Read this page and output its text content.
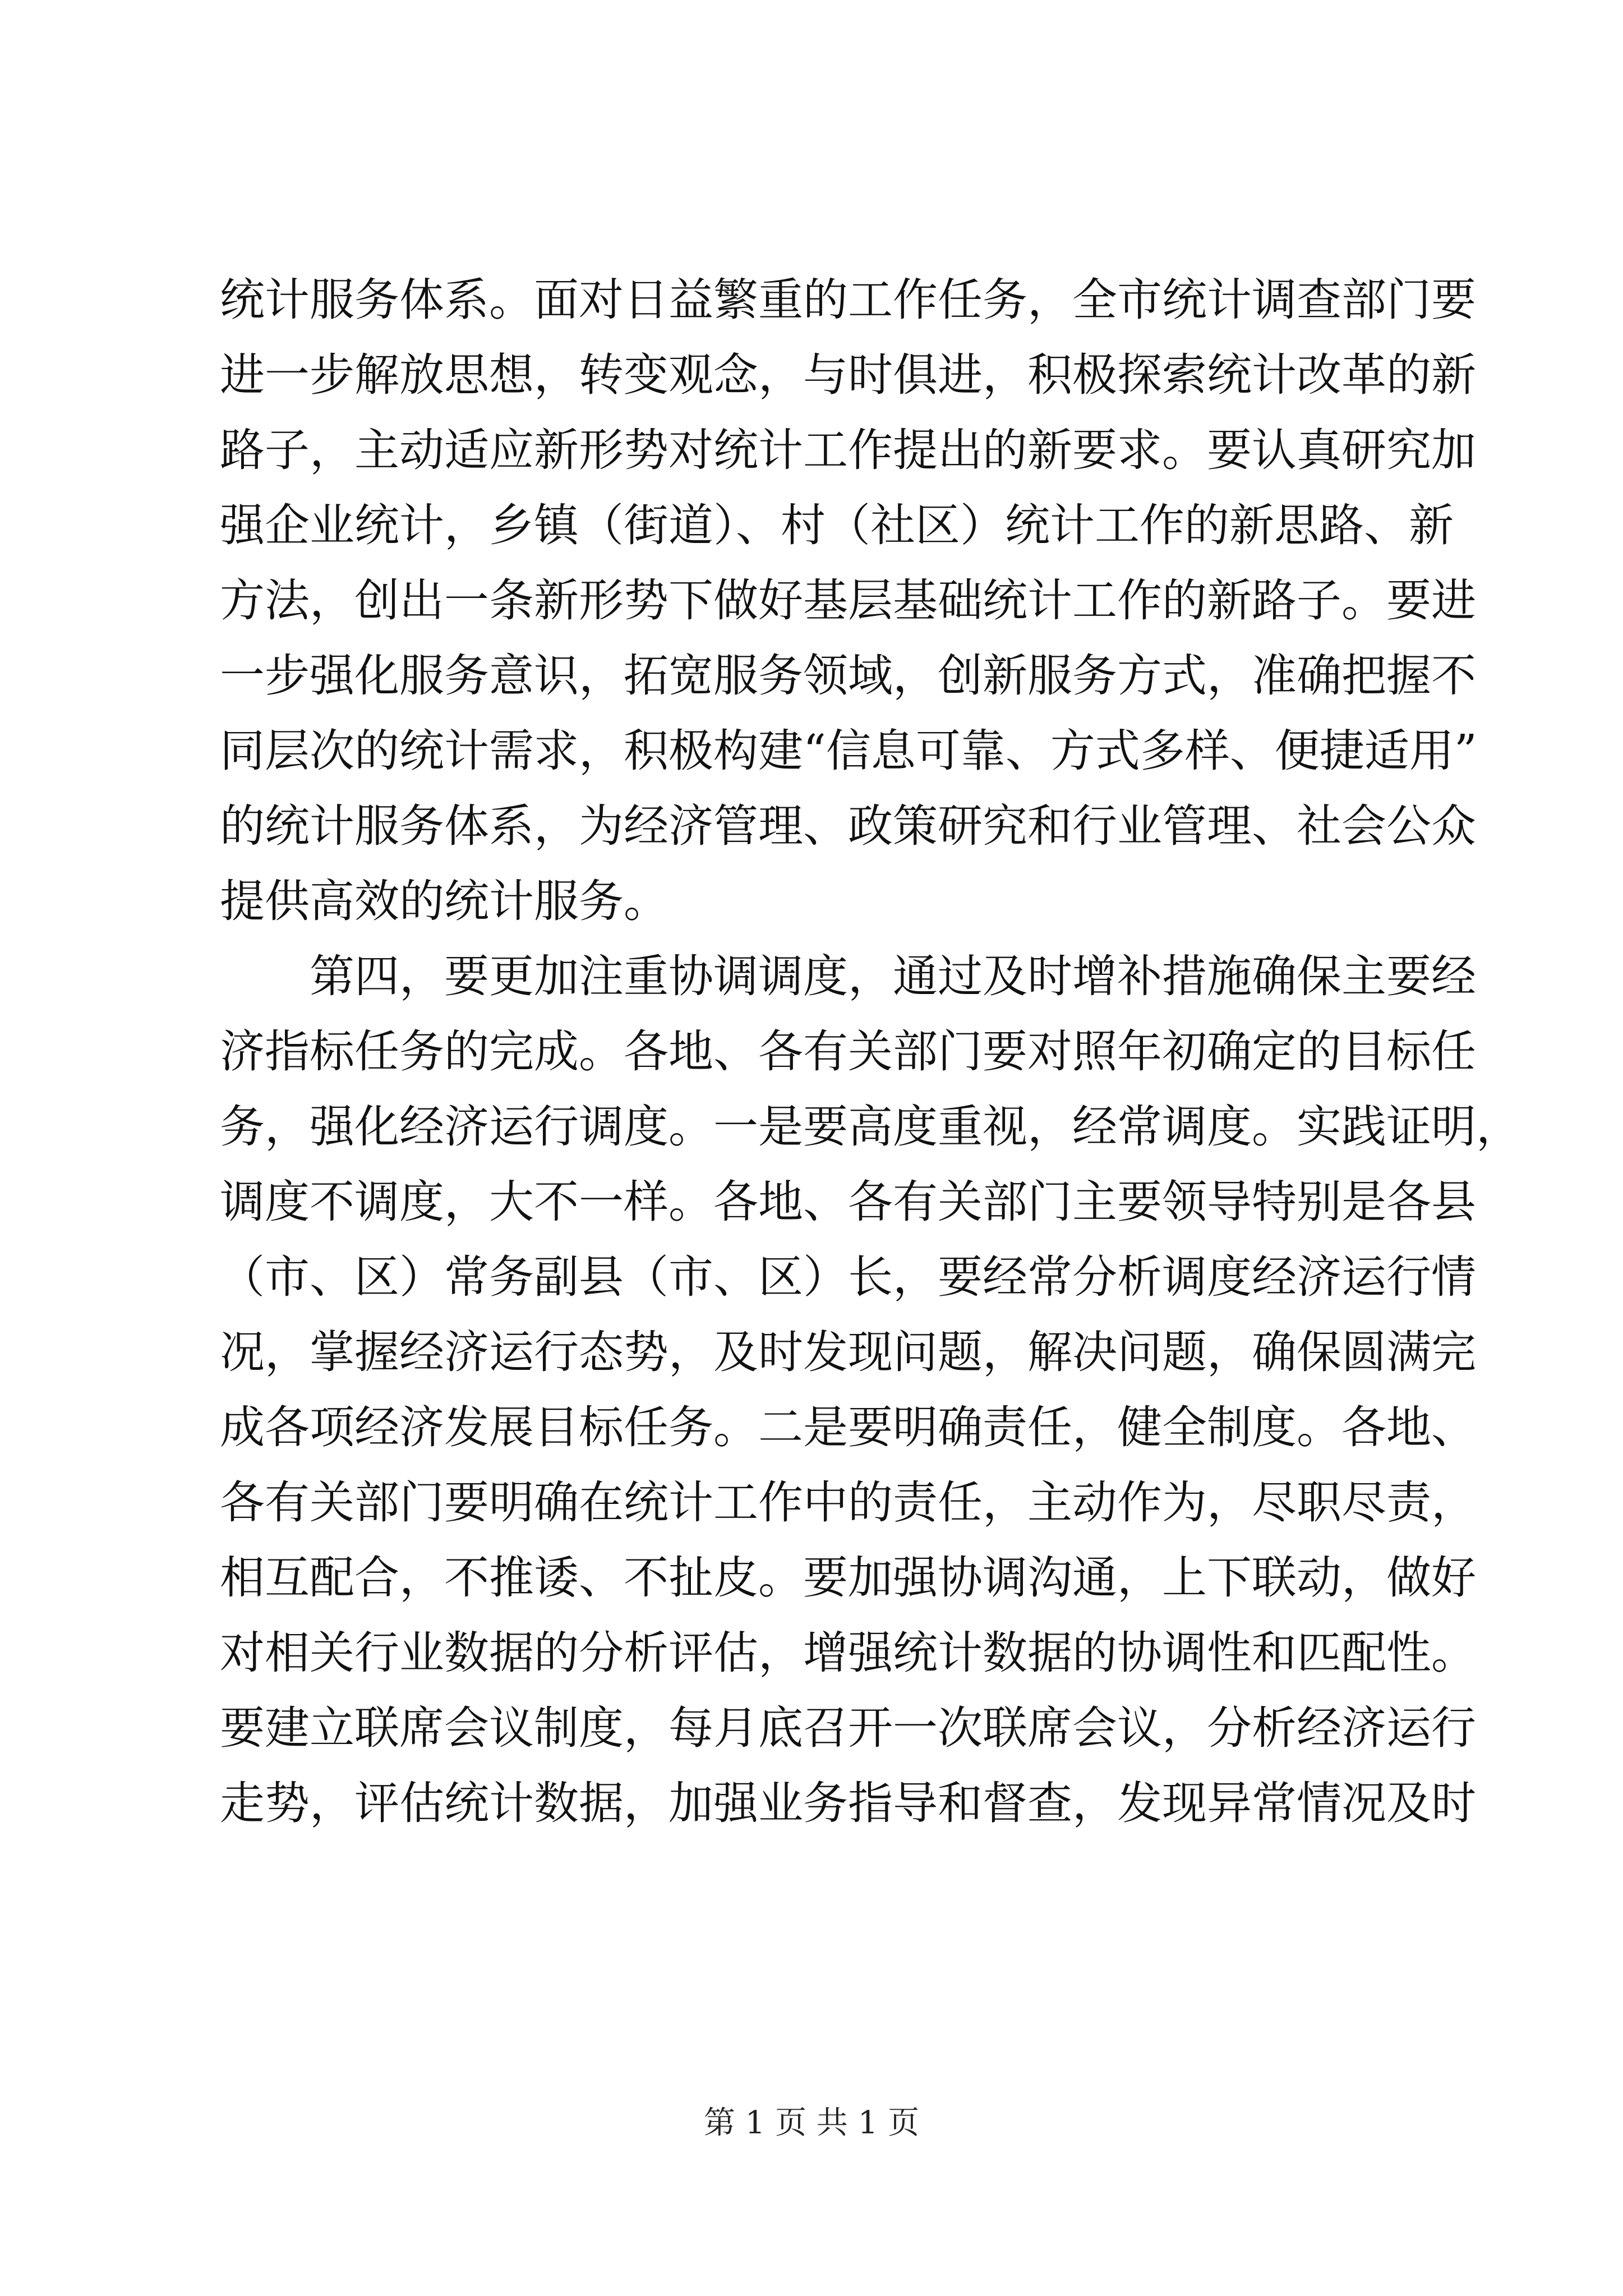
统计服务体系。面对日益繁重的工作任务，全市统计调查部门要
进一步解放思想，转变观念，与时俱进，积极探索统计改革的新
路子，主动适应新形势对统计工作提出的新要求。要认真研究加
强企业统计，乡镇（街道）、村（社区）统计工作的新思路、新
方法，创出一条新形势下做好基层基础统计工作的新路子。要进
一步强化服务意识，拓宽服务领域，创新服务方式，准确把握不
同层次的统计需求，积极构建“信息可靠、方式多样、便捷适用”
的统计服务体系，为经济管理、政策研究和行业管理、社会公众
提供高效的统计服务。
第四，要更加注重协调调度，通过及时增补措施确保主要经
济指标任务的完成。各地、各有关部门要对照年初确定的目标任
务，强化经济运行调度。一是要高度重视，经常调度。实践证明，
调度不调度，大不一样。各地、各有关部门主要领导特别是各县
（市、区）常务副县（市、区）长，要经常分析调度经济运行情
况，掌握经济运行态势，及时发现问题，解决问题，确保圆满完
成各项经济发展目标任务。二是要明确责任，健全制度。各地、
各有关部门要明确在统计工作中的责任，主动作为，尽职尽责，
相互配合，不推诿、不扯皮。要加强协调沟通，上下联动，做好
对相关行业数据的分析评估，增强统计数据的协调性和匹配性。
要建立联席会议制度，每月底召开一次联席会议，分析经济运行
走势，评估统计数据，加强业务指导和督查，发现异常情况及时
第 1 页 共 1 页
